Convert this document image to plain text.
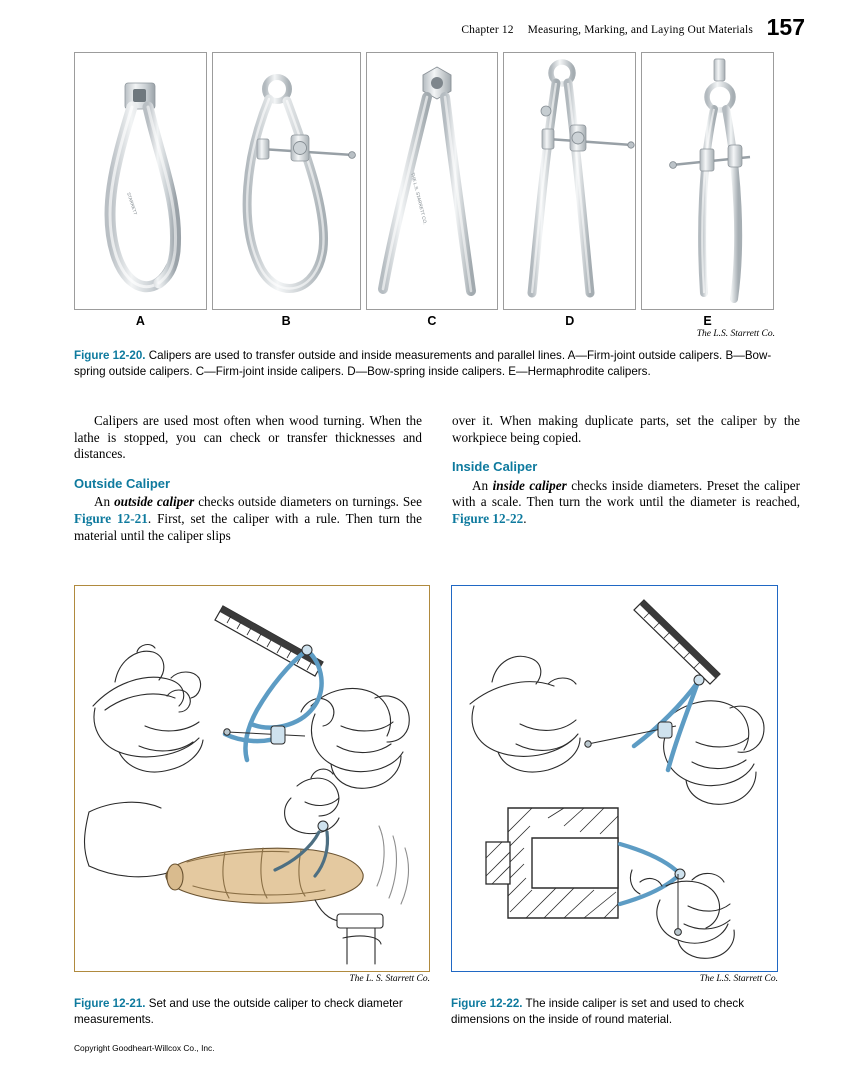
Chapter 12 Measuring, Marking, and Laying Out Materials 157
STARRETT	THE L.S. STARRETT CO.
A	B	C	D	E
The L.S. Starrett Co.
Figure 12-20. Calipers are used to transfer outside and inside measurements and parallel lines. A—Firm-joint outside calipers. B—Bow-spring outside calipers. C—Firm-joint inside calipers. D—Bow-spring inside calipers. E—Hermaphrodite calipers.

Calipers are used most often when wood turning. When the lathe is stopped, you can check or transfer thicknesses and distances.

Outside Caliper

An outside caliper checks outside diameters on turnings. See Figure 12-21. First, set the caliper with a rule. Then turn the material until the caliper slips

over it. When making duplicate parts, set the caliper by the workpiece being copied.

Inside Caliper

An inside caliper checks inside diameters. Preset the caliper with a scale. Then turn the work until the diameter is reached, Figure 12-22.

The L. S. Starrett Co.	The L.S. Starrett Co.
Figure 12-21. Set and use the outside caliper to check diameter measurements.
Figure 12-22. The inside caliper is set and used to check dimensions on the inside of round material.
Copyright Goodheart-Willcox Co., Inc.
